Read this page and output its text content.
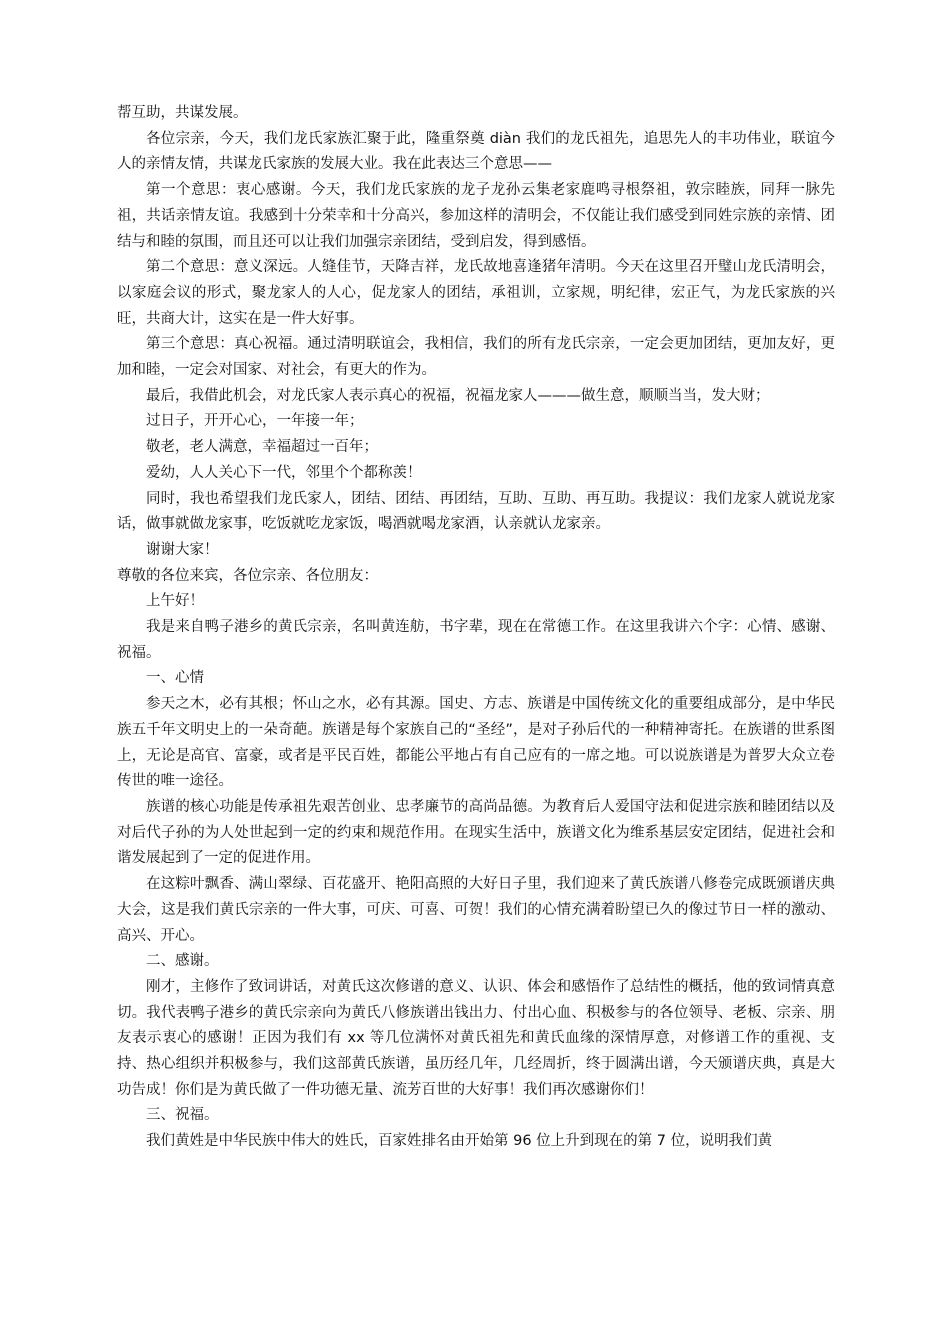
帮互助，共谋发展。

各位宗亲，今天，我们龙氏家族汇聚于此，隆重祭奠 diàn 我们的龙氏祖先，追思先人的丰功伟业，联谊今人的亲情友情，共谋龙氏家族的发展大业。我在此表达三个意思——

第一个意思：衷心感谢。今天，我们龙氏家族的龙子龙孙云集老家鹿鸣寻根祭祖，敦宗睦族，同拜一脉先祖，共话亲情友谊。我感到十分荣幸和十分高兴，参加这样的清明会，不仅能让我们感受到同姓宗族的亲情、团结与和睦的氛围，而且还可以让我们加强宗亲团结，受到启发，得到感悟。

第二个意思：意义深远。人缝佳节，天降吉祥，龙氏故地喜逢猪年清明。今天在这里召开璧山龙氏清明会，以家庭会议的形式，聚龙家人的人心，促龙家人的团结，承祖训，立家规，明纪律，宏正气，为龙氏家族的兴旺，共商大计，这实在是一件大好事。

第三个意思：真心祝福。通过清明联谊会，我相信，我们的所有龙氏宗亲，一定会更加团结，更加友好，更加和睦，一定会对国家、对社会，有更大的作为。

最后，我借此机会，对龙氏家人表示真心的祝福，祝福龙家人———做生意，顺顺当当，发大财；

过日子，开开心心，一年接一年；

敬老，老人满意，幸福超过一百年；

爱幼，人人关心下一代，邻里个个都称羡！

同时，我也希望我们龙氏家人，团结、团结、再团结，互助、互助、再互助。我提议：我们龙家人就说龙家话，做事就做龙家事，吃饭就吃龙家饭，喝酒就喝龙家酒，认亲就认龙家亲。

谢谢大家！

尊敬的各位来宾，各位宗亲、各位朋友：

上午好！

我是来自鸭子港乡的黄氏宗亲，名叫黄连舫，书字辈，现在在常德工作。在这里我讲六个字：心情、感谢、祝福。

一、心情

参天之木，必有其根；怀山之水，必有其源。国史、方志、族谱是中国传统文化的重要组成部分，是中华民族五千年文明史上的一朵奇葩。族谱是每个家族自己的“圣经”，是对子孙后代的一种精神寄托。在族谱的世系图上，无论是高官、富豪，或者是平民百姓，都能公平地占有自己应有的一席之地。可以说族谱是为普罗大众立卷传世的唯一途径。

族谱的核心功能是传承祖先艰苦创业、忠孝廉节的高尚品德。为教育后人爱国守法和促进宗族和睦团结以及对后代子孙的为人处世起到一定的约束和规范作用。在现实生活中，族谱文化为维系基层安定团结，促进社会和谐发展起到了一定的促进作用。

在这粽叶飘香、满山翠绿、百花盛开、艳阳高照的大好日子里，我们迎来了黄氏族谱八修卷完成既颁谱庆典大会，这是我们黄氏宗亲的一件大事，可庆、可喜、可贺！我们的心情充满着盼望已久的像过节日一样的激动、高兴、开心。

二、感谢。

刚才，主修作了致词讲话，对黄氏这次修谱的意义、认识、体会和感悟作了总结性的概括，他的致词情真意切。我代表鸭子港乡的黄氏宗亲向为黄氏八修族谱出钱出力、付出心血、积极参与的各位领导、老板、宗亲、朋友表示衷心的感谢！正因为我们有 xx 等几位满怀对黄氏祖先和黄氏血缘的深情厚意，对修谱工作的重视、支持、热心组织并积极参与，我们这部黄氏族谱，虽历经几年，几经周折，终于圆满出谱，今天颁谱庆典，真是大功告成！你们是为黄氏做了一件功德无量、流芳百世的大好事！我们再次感谢你们！

三、祝福。

我们黄姓是中华民族中伟大的姓氏，百家姓排名由开始第 96 位上升到现在的第 7 位，说明我们黄
